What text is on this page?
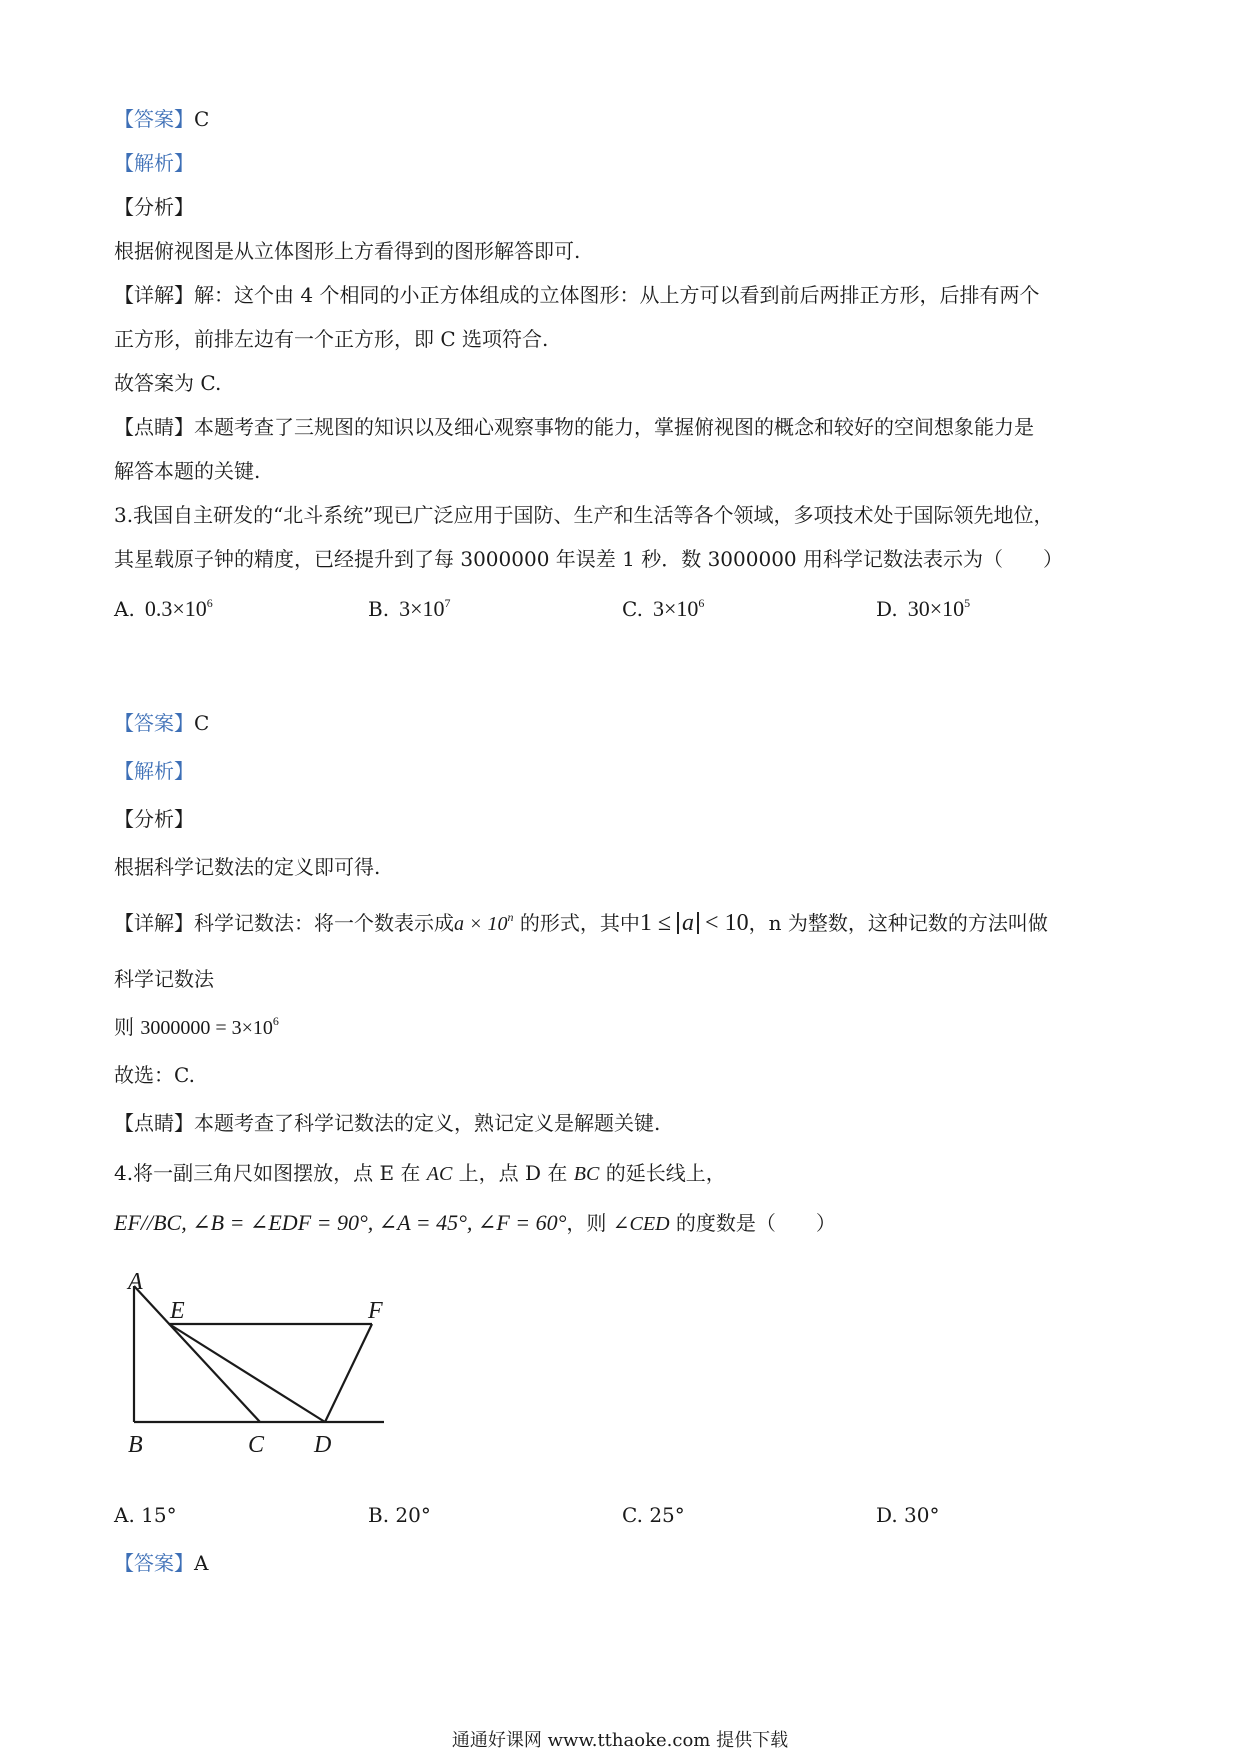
【答案】C
【解析】
【分析】
根据俯视图是从立体图形上方看得到的图形解答即可.
【详解】解：这个由 4 个相同的小正方体组成的立体图形：从上方可以看到前后两排正方形，后排有两个
正方形，前排左边有一个正方形，即 C 选项符合.
故答案为 C.
【点睛】本题考查了三规图的知识以及细心观察事物的能力，掌握俯视图的概念和较好的空间想象能力是
解答本题的关键.
3.我国自主研发的“北斗系统”现已广泛应用于国防、生产和生活等各个领域，多项技术处于国际领先地位，
其星载原子钟的精度，已经提升到了每 3000000 年误差 1 秒．数 3000000 用科学记数法表示为（　　）
A. $0.3\times 10^6$	B. $3\times 10^7$	C. $3\times 10^6$	D. $30\times 10^5$
【答案】C
【解析】
【分析】
根据科学记数法的定义即可得.
【详解】科学记数法：将一个数表示成$a \times 10^n$ 的形式，其中1 ≤ a < 10，n 为整数，这种记数的方法叫做
科学记数法
则 $3000000 = 3\times 10^6$
故选：C.
【点睛】本题考查了科学记数法的定义，熟记定义是解题关键.
4.将一副三角尺如图摆放，点 E 在 AC 上，点 D 在 BC 的延长线上，
EF//BC, ∠B = ∠EDF = 90°, ∠A = 45°, ∠F = 60°，则 ∠CED 的度数是（　　）
A
E	F
B	C D
A. 15°	B. 20°	C. 25°	D. 30°
【答案】A
通通好课网 www.tthaoke.com 提供下载
